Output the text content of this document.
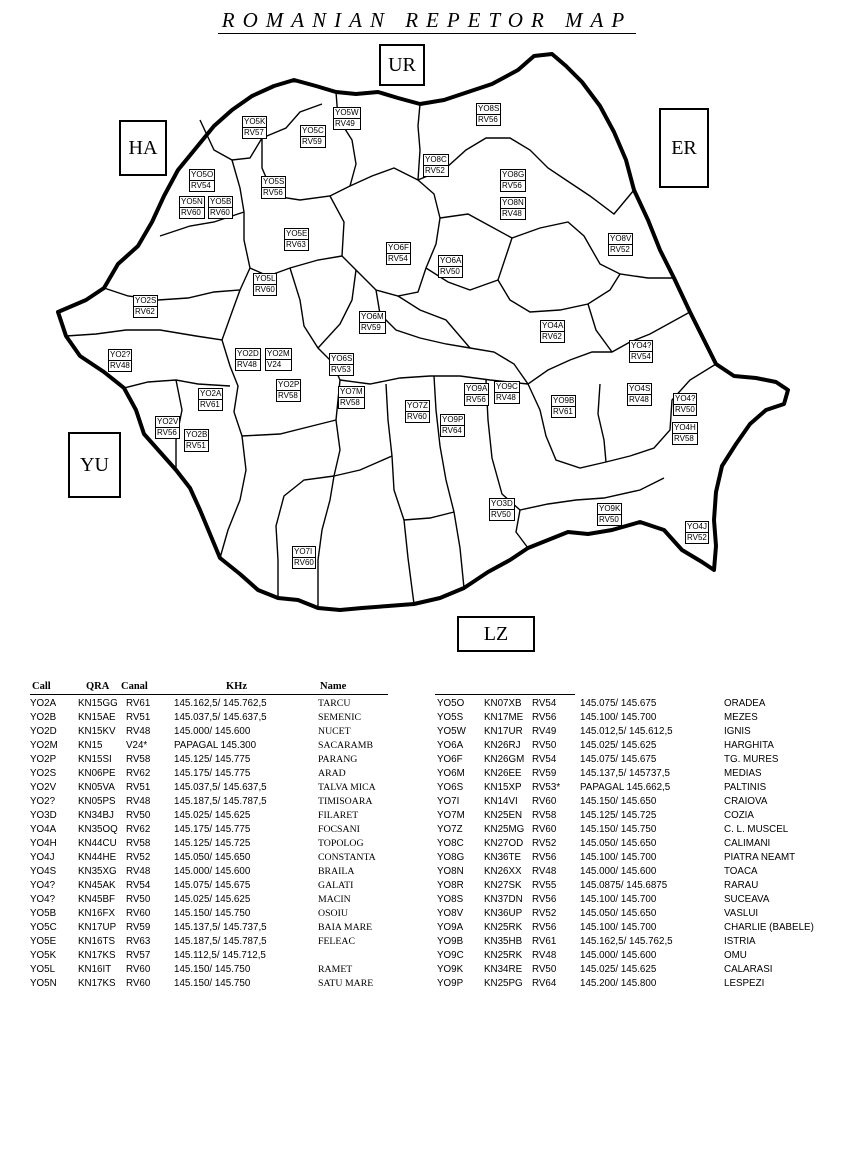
ROMANIAN REPETOR MAP
UR
HA	ER
YU
LZ
YO5K
RV57
YO5W
RV49
YO5C
RV59
YO8S
RV56
YO5O
RV54
YO5N
RV60
YO5B
RV60
YO5S
RV56
YO8C
RV52	YO8G
RV56
YO8N
RV48
YO5E
RV63	YO6F
RV54	YO6A
RV50
YO8V
RV52
YO5L
RV60
YO2S
RV62
YO6M
RV59	YO4A
RV62
YO2?
RV48
YO2D
RV48
YO2M
V24
YO6S
RV53
YO4?
RV54
YO2A
RV61
YO2P
RV58	YO7M
RV58
YO9A
RV56
YO9C
RV48
YO4S
RV48	YO4?
RV50
YO9B
RV61
YO7Z
RV60	YO9P
RV64
YO2V
RV56	YO2B
RV51
YO4H
RV58
YO3D
RV50
YO9K
RV50
YO4J
RV52
YO7I
RV60
Call	QRA Canal	KHz	Name
YO2A KN15GG RV61 145.162,5/ 145.762,5	TARCU
YO2B KN15AE RV51 145.037,5/ 145.637,5	SEMENIC
YO2D KN15KV RV48 145.000/ 145.600	NUCET
YO2M KN15 V24*	PAPAGAL 145.300	SACARAMB
YO2P KN15SI RV58 145.125/ 145.775	PARANG
YO2S KN06PE RV62 145.175/ 145.775	ARAD
YO2V KN05VA RV51 145.037,5/ 145.637,5	TALVA MICA
YO2? KN05PS RV48 145.187,5/ 145.787,5	TIMISOARA
YO3D KN34BJ RV50 145.025/ 145.625	FILARET
YO4A KN35OQ RV62 145.175/ 145.775	FOCSANI
YO4H KN44CU RV58 145.125/ 145.725	TOPOLOG
YO4J KN44HE RV52 145.050/ 145.650	CONSTANTA
YO4S KN35XG RV48 145.000/ 145.600	BRAILA
YO4? KN45AK RV54 145.075/ 145.675	GALATI
YO4? KN45BF RV50 145.025/ 145.625	MACIN
YO5B KN16FX RV60 145.150/ 145.750	OSOIU
YO5C KN17UP RV59 145.137,5/ 145.737,5	BAIA MARE
YO5E KN16TS RV63 145.187,5/ 145.787,5	FELEAC
YO5K KN17KS RV57 145.112,5/ 145.712,5
YO5L KN16IT RV60 145.150/ 145.750	RAMET
YO5N KN17KS RV60 145.150/ 145.750	SATU MARE
YO5O KN07XB RV54 145.075/ 145.675	ORADEA
YO5S KN17ME RV56 145.100/ 145.700	MEZES
YO5W KN17UR RV49 145.012,5/ 145.612,5	IGNIS
YO6A KN26RJ RV50 145.025/ 145.625	HARGHITA
YO6F KN26GM RV54 145.075/ 145.675	TG. MURES
YO6M KN26EE RV59 145.137,5/ 145737,5	MEDIAS
YO6S KN15XP RV53* PAPAGAL 145.662,5	PALTINIS
YO7I	KN14VI RV60 145.150/ 145.650	CRAIOVA
YO7M KN25EN RV58 145.125/ 145.725	COZIA
YO7Z KN25MG RV60 145.150/ 145.750	C. L. MUSCEL
YO8C KN27OD RV52 145.050/ 145.650	CALIMANI
YO8G KN36TE RV56 145.100/ 145.700	PIATRA NEAMT
YO8N KN26XX RV48 145.000/ 145.600	TOACA
YO8R KN27SK RV55 145.0875/ 145.6875	RARAU
YO8S KN37DN RV56 145.100/ 145.700	SUCEAVA
YO8V KN36UP RV52 145.050/ 145.650	VASLUI
YO9A KN25RK RV56 145.100/ 145.700	CHARLIE (BABELE)
YO9B KN35HB RV61 145.162,5/ 145.762,5	ISTRIA
YO9C KN25RK RV48 145.000/ 145.600	OMU
YO9K KN34RE RV50 145.025/ 145.625	CALARASI
YO9P KN25PG RV64 145.200/ 145.800	LESPEZI
